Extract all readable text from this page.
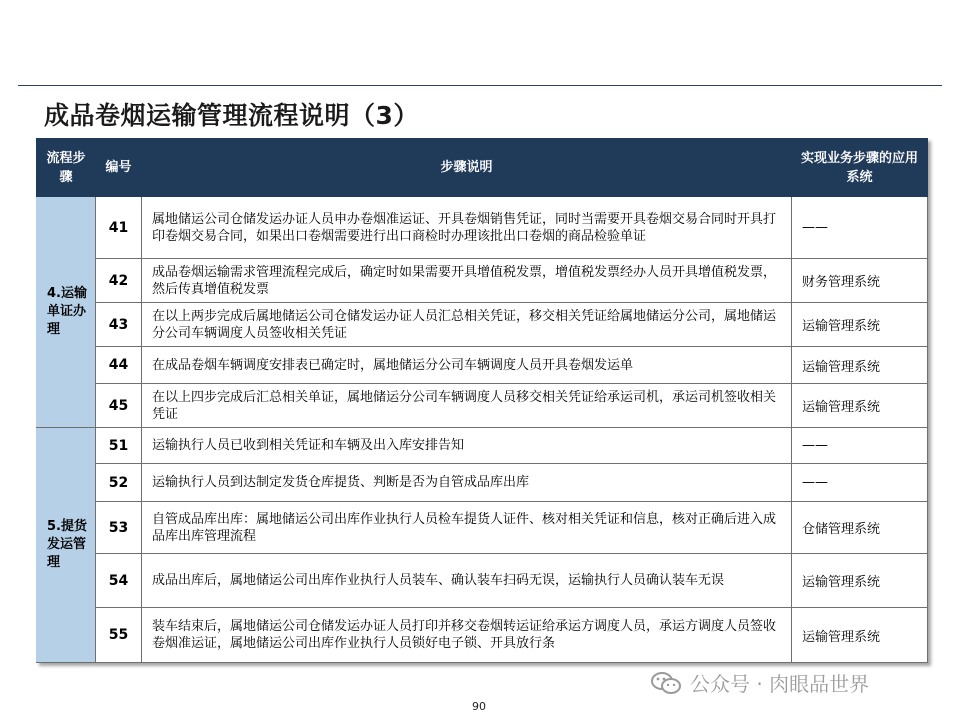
成品卷烟运输管理流程说明（3）
流程步骤	编号	步骤说明	实现业务步骤的应用系统
4.运输单证办理	41	属地储运公司仓储发运办证人员申办卷烟准运证、开具卷烟销售凭证，同时当需要开具卷烟交易合同时开具打印卷烟交易合同，如果出口卷烟需要进行出口商检时办理该批出口卷烟的商品检验单证	——
	42	成品卷烟运输需求管理流程完成后，确定时如果需要开具增值税发票，增值税发票经办人员开具增值税发票，然后传真增值税发票	财务管理系统
	43	在以上两步完成后属地储运公司仓储发运办证人员汇总相关凭证，移交相关凭证给属地储运分公司，属地储运分公司车辆调度人员签收相关凭证	运输管理系统
	44	在成品卷烟车辆调度安排表已确定时，属地储运分公司车辆调度人员开具卷烟发运单	运输管理系统
	45	在以上四步完成后汇总相关单证，属地储运分公司车辆调度人员移交相关凭证给承运司机，承运司机签收相关凭证	运输管理系统
5.提货发运管理	51	运输执行人员已收到相关凭证和车辆及出入库安排告知	——
	52	运输执行人员到达制定发货仓库提货、判断是否为自管成品库出库	——
	53	自管成品库出库：属地储运公司出库作业执行人员检车提货人证件、核对相关凭证和信息，核对正确后进入成品库出库管理流程	仓储管理系统
	54	成品出库后，属地储运公司出库作业执行人员装车、确认装车扫码无误，运输执行人员确认装车无误	运输管理系统
	55	装车结束后，属地储运公司仓储发运办证人员打印并移交卷烟转运证给承运方调度人员，承运方调度人员签收卷烟准运证，属地储运公司出库作业执行人员锁好电子锁、开具放行条	运输管理系统
公众号 · 肉眼品世界
90
